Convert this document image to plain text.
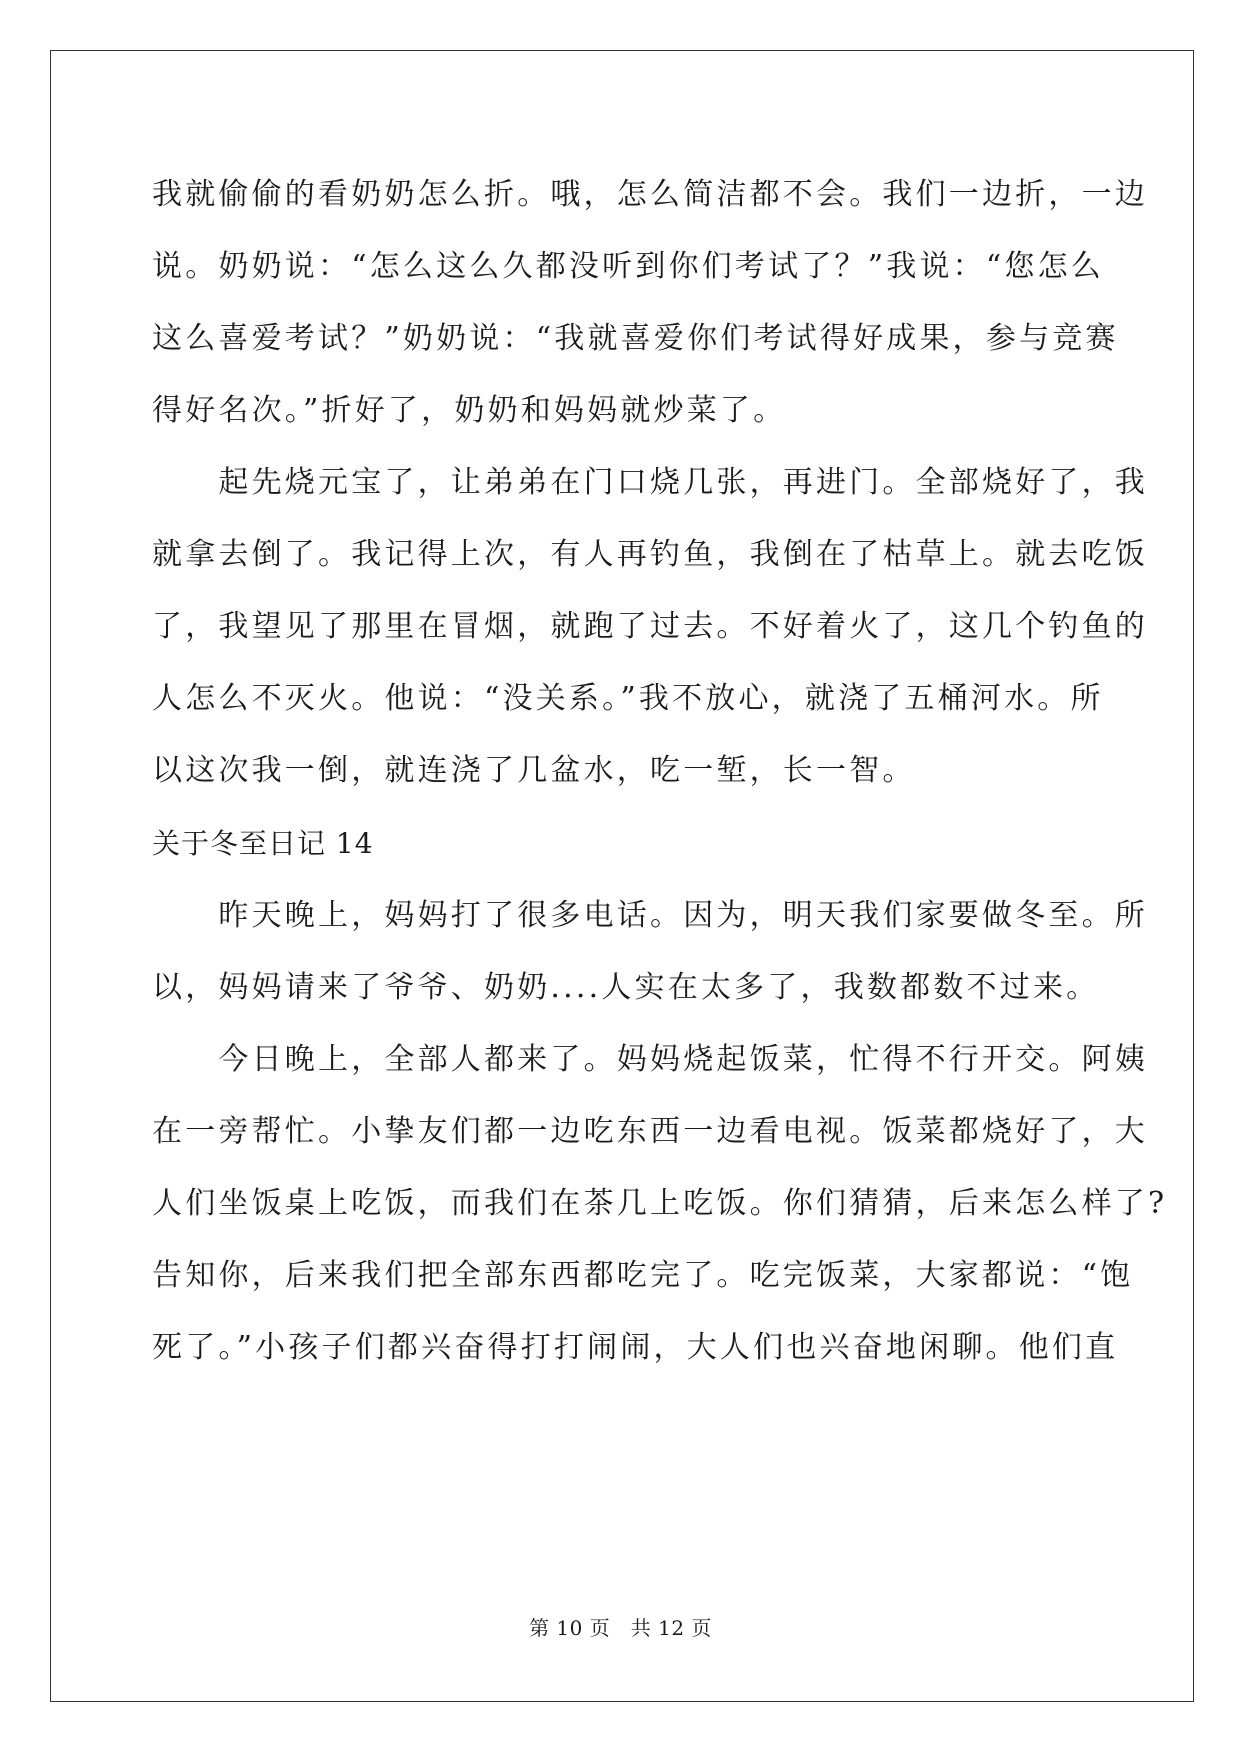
我就偷偷的看奶奶怎么折。哦，怎么简洁都不会。我们一边折，一边
说。奶奶说：“怎么这么久都没听到你们考试了？”我说：“您怎么
这么喜爱考试？”奶奶说：“我就喜爱你们考试得好成果，参与竞赛
得好名次。”折好了，奶奶和妈妈就炒菜了。
　　起先烧元宝了，让弟弟在门口烧几张，再进门。全部烧好了，我
就拿去倒了。我记得上次，有人再钓鱼，我倒在了枯草上。就去吃饭
了，我望见了那里在冒烟，就跑了过去。不好着火了，这几个钓鱼的
人怎么不灭火。他说：“没关系。”我不放心，就浇了五桶河水。所
以这次我一倒，就连浇了几盆水，吃一堑，长一智。
关于冬至日记 14
　　昨天晚上，妈妈打了很多电话。因为，明天我们家要做冬至。所
以，妈妈请来了爷爷、奶奶....人实在太多了，我数都数不过来。
　　今日晚上，全部人都来了。妈妈烧起饭菜，忙得不行开交。阿姨
在一旁帮忙。小挚友们都一边吃东西一边看电视。饭菜都烧好了，大
人们坐饭桌上吃饭，而我们在茶几上吃饭。你们猜猜，后来怎么样了?
告知你，后来我们把全部东西都吃完了。吃完饭菜，大家都说：“饱
死了。”小孩子们都兴奋得打打闹闹，大人们也兴奋地闲聊。他们直
第 10 页　共 12 页
